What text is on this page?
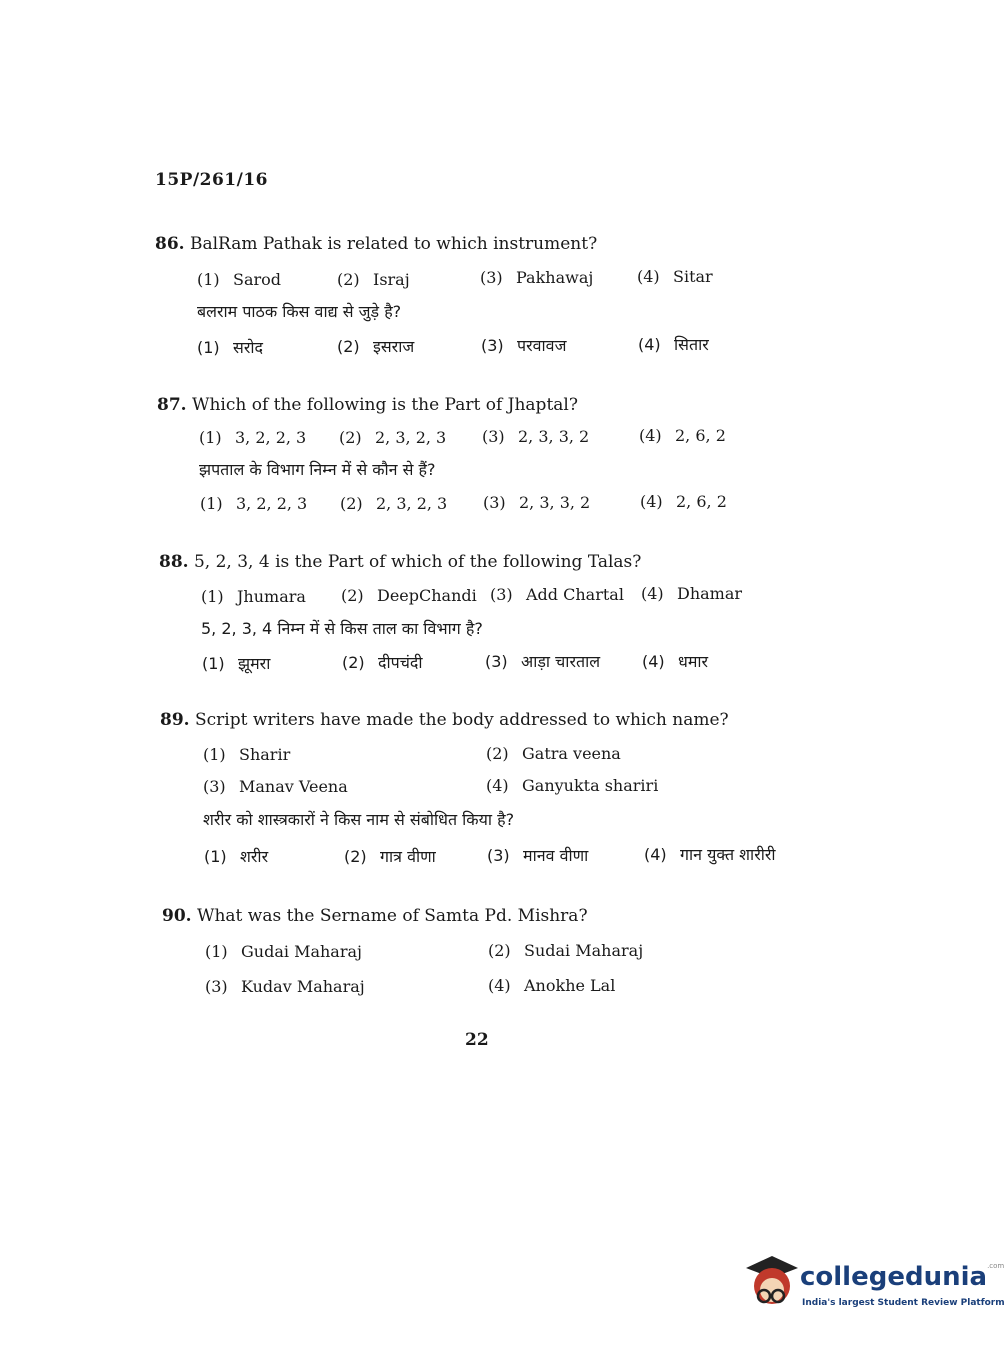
15P/261/16
86. BalRam Pathak is related to which instrument?
(1) Sarod	(2) Israj	(3) Pakhawaj	(4) Sitar
बलराम पाठक किस वाद्य से जुड़े है?
(1) सरोद	(2) इसराज	(3) परवावज	(4) सितार
87. Which of the following is the Part of Jhaptal?
(1) 3, 2, 2, 3 (2) 2, 3, 2, 3 (3) 2, 3, 3, 2	(4) 2, 6, 2
झपताल के विभाग निम्न में से कौन से हैं?
(1) 3, 2, 2, 3 (2) 2, 3, 2, 3 (3) 2, 3, 3, 2	(4) 2, 6, 2
88. 5, 2, 3, 4 is the Part of which of the following Talas?
(1) Jhumara (2) DeepChandi (3) Add Chartal (4) Dhamar
5, 2, 3, 4 निम्न में से किस ताल का विभाग है?
(1) झूमरा	(2) दीपचंदी	(3) आड़ा चारताल	(4) धमार
89. Script writers have made the body addressed to which name?
(1) Sharir	(2) Gatra veena
(3) Manav Veena	(4) Ganyukta shariri
शरीर को शास्त्रकारों ने किस नाम से संबोधित किया है?
(1) शरीर	(2) गात्र वीणा	(3) मानव वीणा	(4) गान युक्त शारीरी
90. What was the Sername of Samta Pd. Mishra?
(1) Gudai Maharaj	(2) Sudai Maharaj
(3) Kudav Maharaj	(4) Anokhe Lal
22
collegedunia$^{.com}$
India's largest Student Review Platform
